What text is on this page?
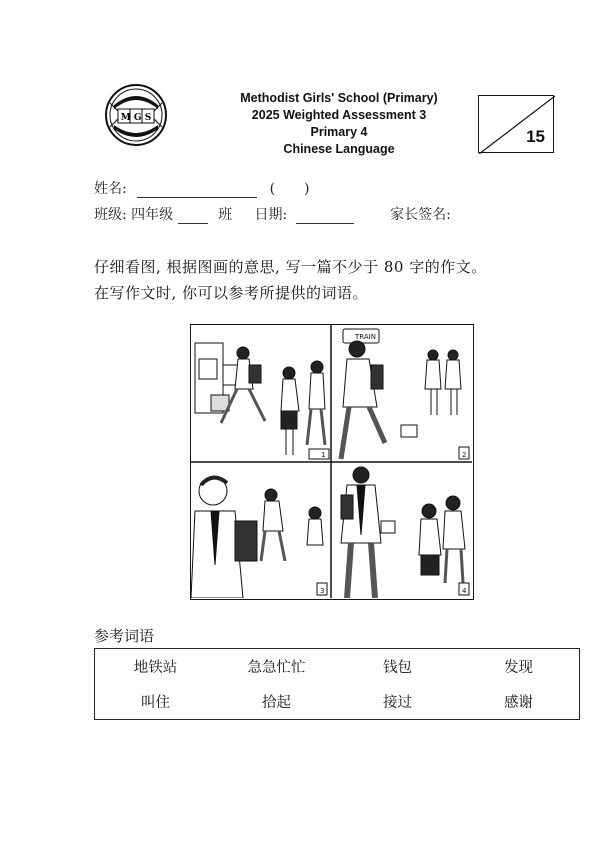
M G S
Methodist Girls' School (Primary)
2025 Weighted Assessment 3
Primary 4
Chinese Language
15
姓名:	( )
班级: 四年级	班 日期:	家长签名:
仔细看图, 根据图画的意思, 写一篇不少于 80 字的作文。
在写作文时, 你可以参考所提供的词语。
1
TRAIN
2
3	4
参考词语
地铁站	急急忙忙	钱包	发现
叫住	拾起	接过	感谢
